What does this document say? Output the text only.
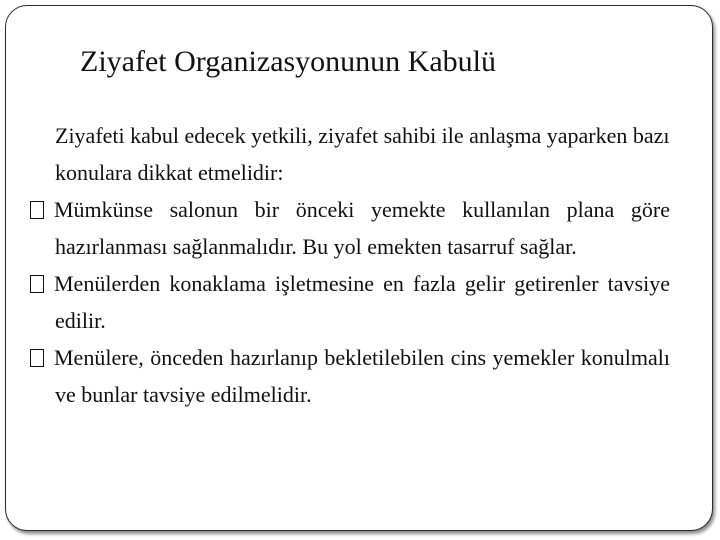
Ziyafet Organizasyonunun Kabulü

Ziyafeti kabul edecek yetkili, ziyafet sahibi ile anlaşma yaparken bazı konulara dikkat etmelidir:

Mümkünse salonun bir önceki yemekte kullanılan plana göre hazırlanması sağlanmalıdır. Bu yol emekten tasarruf sağlar.

Menülerden konaklama işletmesine en fazla gelir getirenler tavsiye edilir.

Menülere, önceden hazırlanıp bekletilebilen cins yemekler konulmalı ve bunlar tavsiye edilmelidir.
